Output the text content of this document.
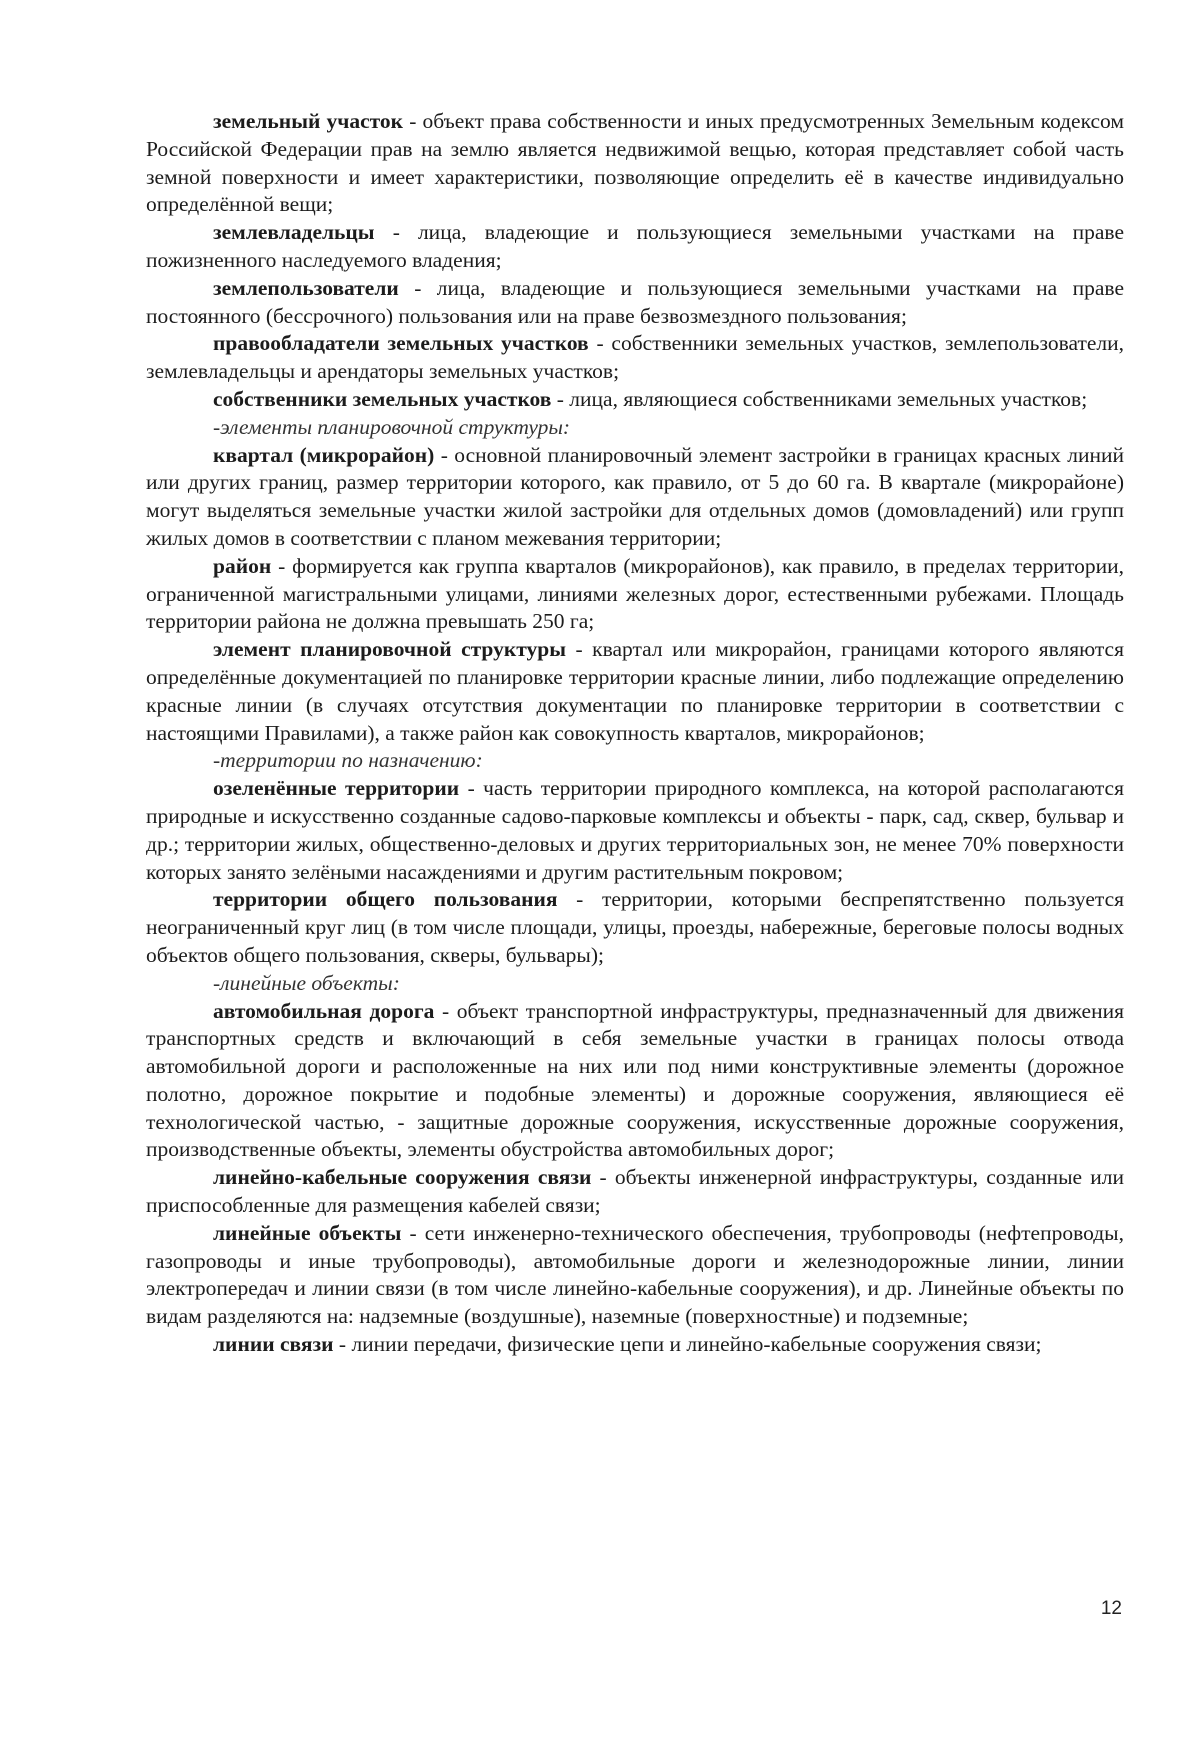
земельный участок - объект права собственности и иных предусмотренных Земельным кодексом Российской Федерации прав на землю является недвижимой вещью, которая представляет собой часть земной поверхности и имеет характеристики, позволяющие определить её в качестве индивидуально определённой вещи;

землевладельцы - лица, владеющие и пользующиеся земельными участками на праве пожизненного наследуемого владения;

землепользователи - лица, владеющие и пользующиеся земельными участками на праве постоянного (бессрочного) пользования или на праве безвозмездного пользования;

правообладатели земельных участков - собственники земельных участков, землепользователи, землевладельцы и арендаторы земельных участков;

собственники земельных участков - лица, являющиеся собственниками земельных участков;

-элементы планировочной структуры:

квартал (микрорайон) - основной планировочный элемент застройки в границах красных линий или других границ, размер территории которого, как правило, от 5 до 60 га. В квартале (микрорайоне) могут выделяться земельные участки жилой застройки для отдельных домов (домовладений) или групп жилых домов в соответствии с планом межевания территории;

район - формируется как группа кварталов (микрорайонов), как правило, в пределах территории, ограниченной магистральными улицами, линиями железных дорог, естественными рубежами. Площадь территории района не должна превышать 250 га;

элемент планировочной структуры - квартал или микрорайон, границами которого являются определённые документацией по планировке территории красные линии, либо подлежащие определению красные линии (в случаях отсутствия документации по планировке территории в соответствии с настоящими Правилами), а также район как совокупность кварталов, микрорайонов;

-территории по назначению:

озеленённые территории - часть территории природного комплекса, на которой располагаются природные и искусственно созданные садово-парковые комплексы и объекты - парк, сад, сквер, бульвар и др.; территории жилых, общественно-деловых и других территориальных зон, не менее 70% поверхности которых занято зелёными насаждениями и другим растительным покровом;

территории общего пользования - территории, которыми беспрепятственно пользуется неограниченный круг лиц (в том числе площади, улицы, проезды, набережные, береговые полосы водных объектов общего пользования, скверы, бульвары);

-линейные объекты:

автомобильная дорога - объект транспортной инфраструктуры, предназначенный для движения транспортных средств и включающий в себя земельные участки в границах полосы отвода автомобильной дороги и расположенные на них или под ними конструктивные элементы (дорожное полотно, дорожное покрытие и подобные элементы) и дорожные сооружения, являющиеся её технологической частью, - защитные дорожные сооружения, искусственные дорожные сооружения, производственные объекты, элементы обустройства автомобильных дорог;

линейно-кабельные сооружения связи - объекты инженерной инфраструктуры, созданные или приспособленные для размещения кабелей связи;

линейные объекты - сети инженерно-технического обеспечения, трубопроводы (нефтепроводы, газопроводы и иные трубопроводы), автомобильные дороги и железнодорожные линии, линии электропередач и линии связи (в том числе линейно-кабельные сооружения), и др. Линейные объекты по видам разделяются на: надземные (воздушные), наземные (поверхностные) и подземные;

линии связи - линии передачи, физические цепи и линейно-кабельные сооружения связи;

12
